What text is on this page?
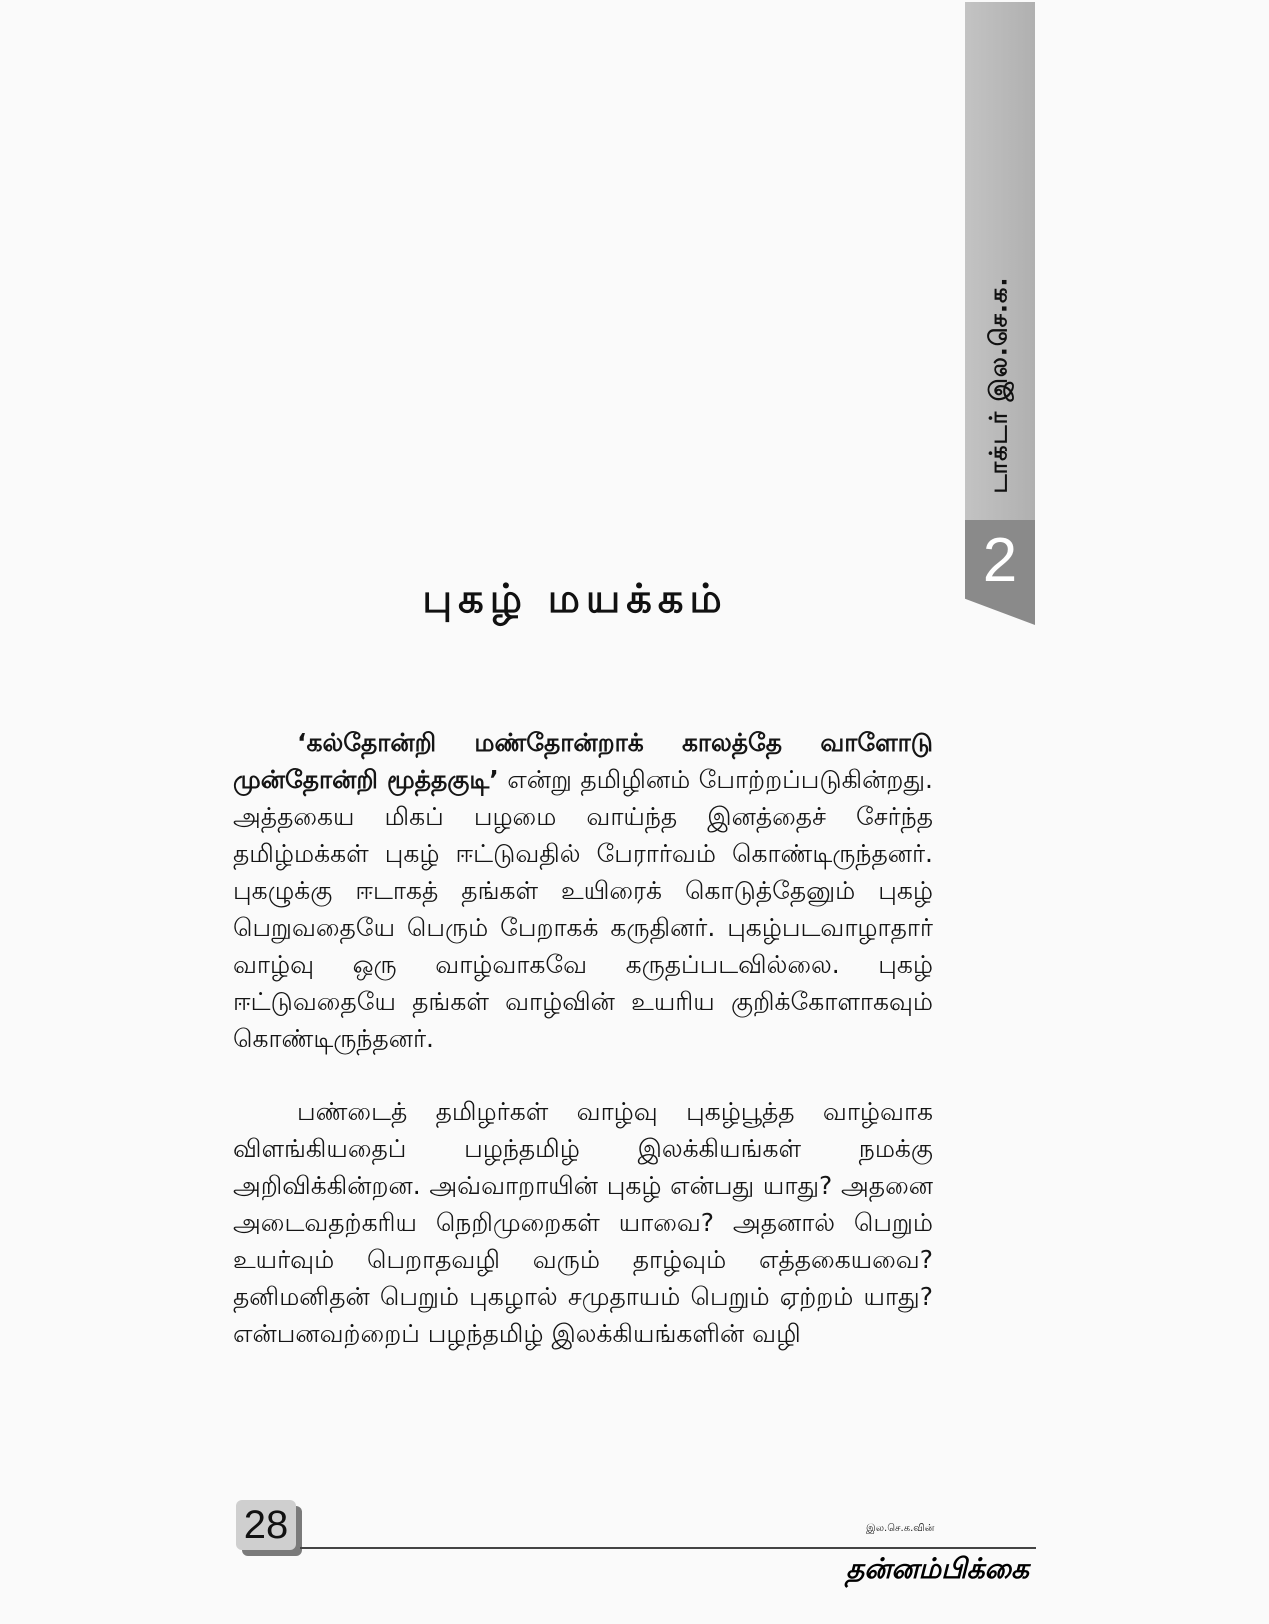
டாக்டர் இல.செ.க.
2
புகழ் மயக்கம்

‘கல்தோன்றி மண்தோன்றாக் காலத்தே வாளோடு முன்தோன்றி மூத்தகுடி’ என்று தமிழினம் போற்றப்படுகின்றது. அத்தகைய மிகப் பழமை வாய்ந்த இனத்தைச் சேர்ந்த தமிழ்மக்கள் புகழ் ஈட்டுவதில் பேரார்வம் கொண்டிருந்தனர். புகழுக்கு ஈடாகத் தங்கள் உயிரைக் கொடுத்தேனும் புகழ் பெறுவதையே பெரும் பேறாகக் கருதினர். புகழ்படவாழாதார் வாழ்வு ஒரு வாழ்வாகவே கருதப்படவில்லை. புகழ் ஈட்டுவதையே தங்கள் வாழ்வின் உயரிய குறிக்கோளாகவும் கொண்டிருந்தனர்.

பண்டைத் தமிழர்கள் வாழ்வு புகழ்பூத்த வாழ்வாக விளங்கியதைப் பழந்தமிழ் இலக்கியங்கள் நமக்கு அறிவிக்கின்றன. அவ்வாறாயின் புகழ் என்பது யாது? அதனை அடைவதற்கரிய நெறிமுறைகள் யாவை? அதனால் பெறும் உயர்வும் பெறாதவழி வரும் தாழ்வும் எத்தகையவை? தனிமனிதன் பெறும் புகழால் சமுதாயம் பெறும் ஏற்றம் யாது? என்பனவற்றைப் பழந்தமிழ் இலக்கியங்களின் வழி

28	இல.செ.க.வின்
தன்னம்பிக்கை
